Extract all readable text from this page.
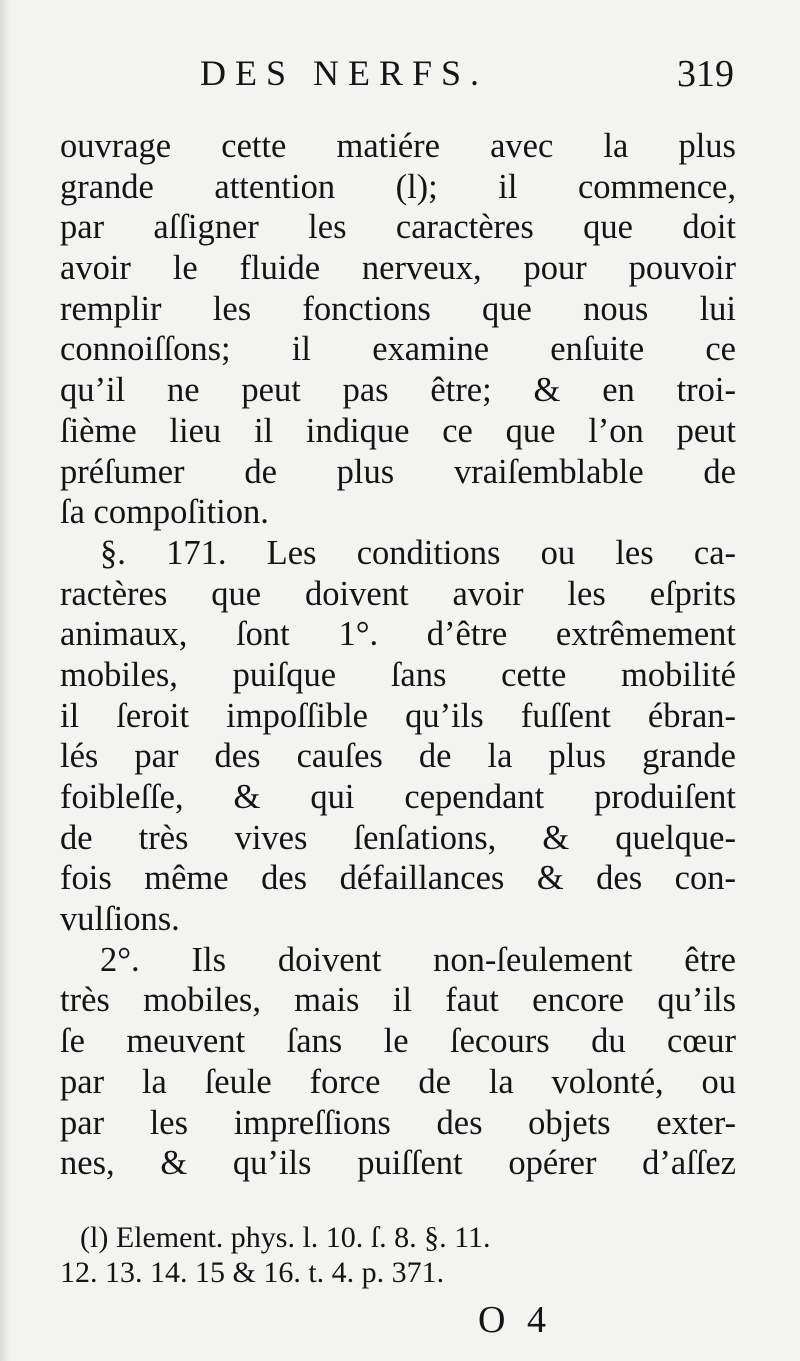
DES NERFS.	319
ouvrage cette matiére avec la plus
grande attention (l); il commence,
par aſſigner les caractères que doit
avoir le fluide nerveux, pour pouvoir
remplir les fonctions que nous lui
connoiſſons; il examine enſuite ce
qu’il ne peut pas être; & en troi-
ſième lieu il indique ce que l’on peut
préſumer de plus vraiſemblable de
ſa compoſition.
§. 171. Les conditions ou les ca-
ractères que doivent avoir les eſprits
animaux, ſont 1°. d’être extrêmement
mobiles, puiſque ſans cette mobilité
il ſeroit impoſſible qu’ils fuſſent ébran-
lés par des cauſes de la plus grande
foibleſſe, & qui cependant produiſent
de très vives ſenſations, & quelque-
fois même des défaillances & des con-
vulſions.
2°. Ils doivent non-ſeulement être
très mobiles, mais il faut encore qu’ils
ſe meuvent ſans le ſecours du cœur
par la ſeule force de la volonté, ou
par les impreſſions des objets exter-
nes, & qu’ils puiſſent opérer d’aſſez
(l) Element. phys. l. 10. ſ. 8. §. 11.
12. 13. 14. 15 & 16. t. 4. p. 371.
O 4
